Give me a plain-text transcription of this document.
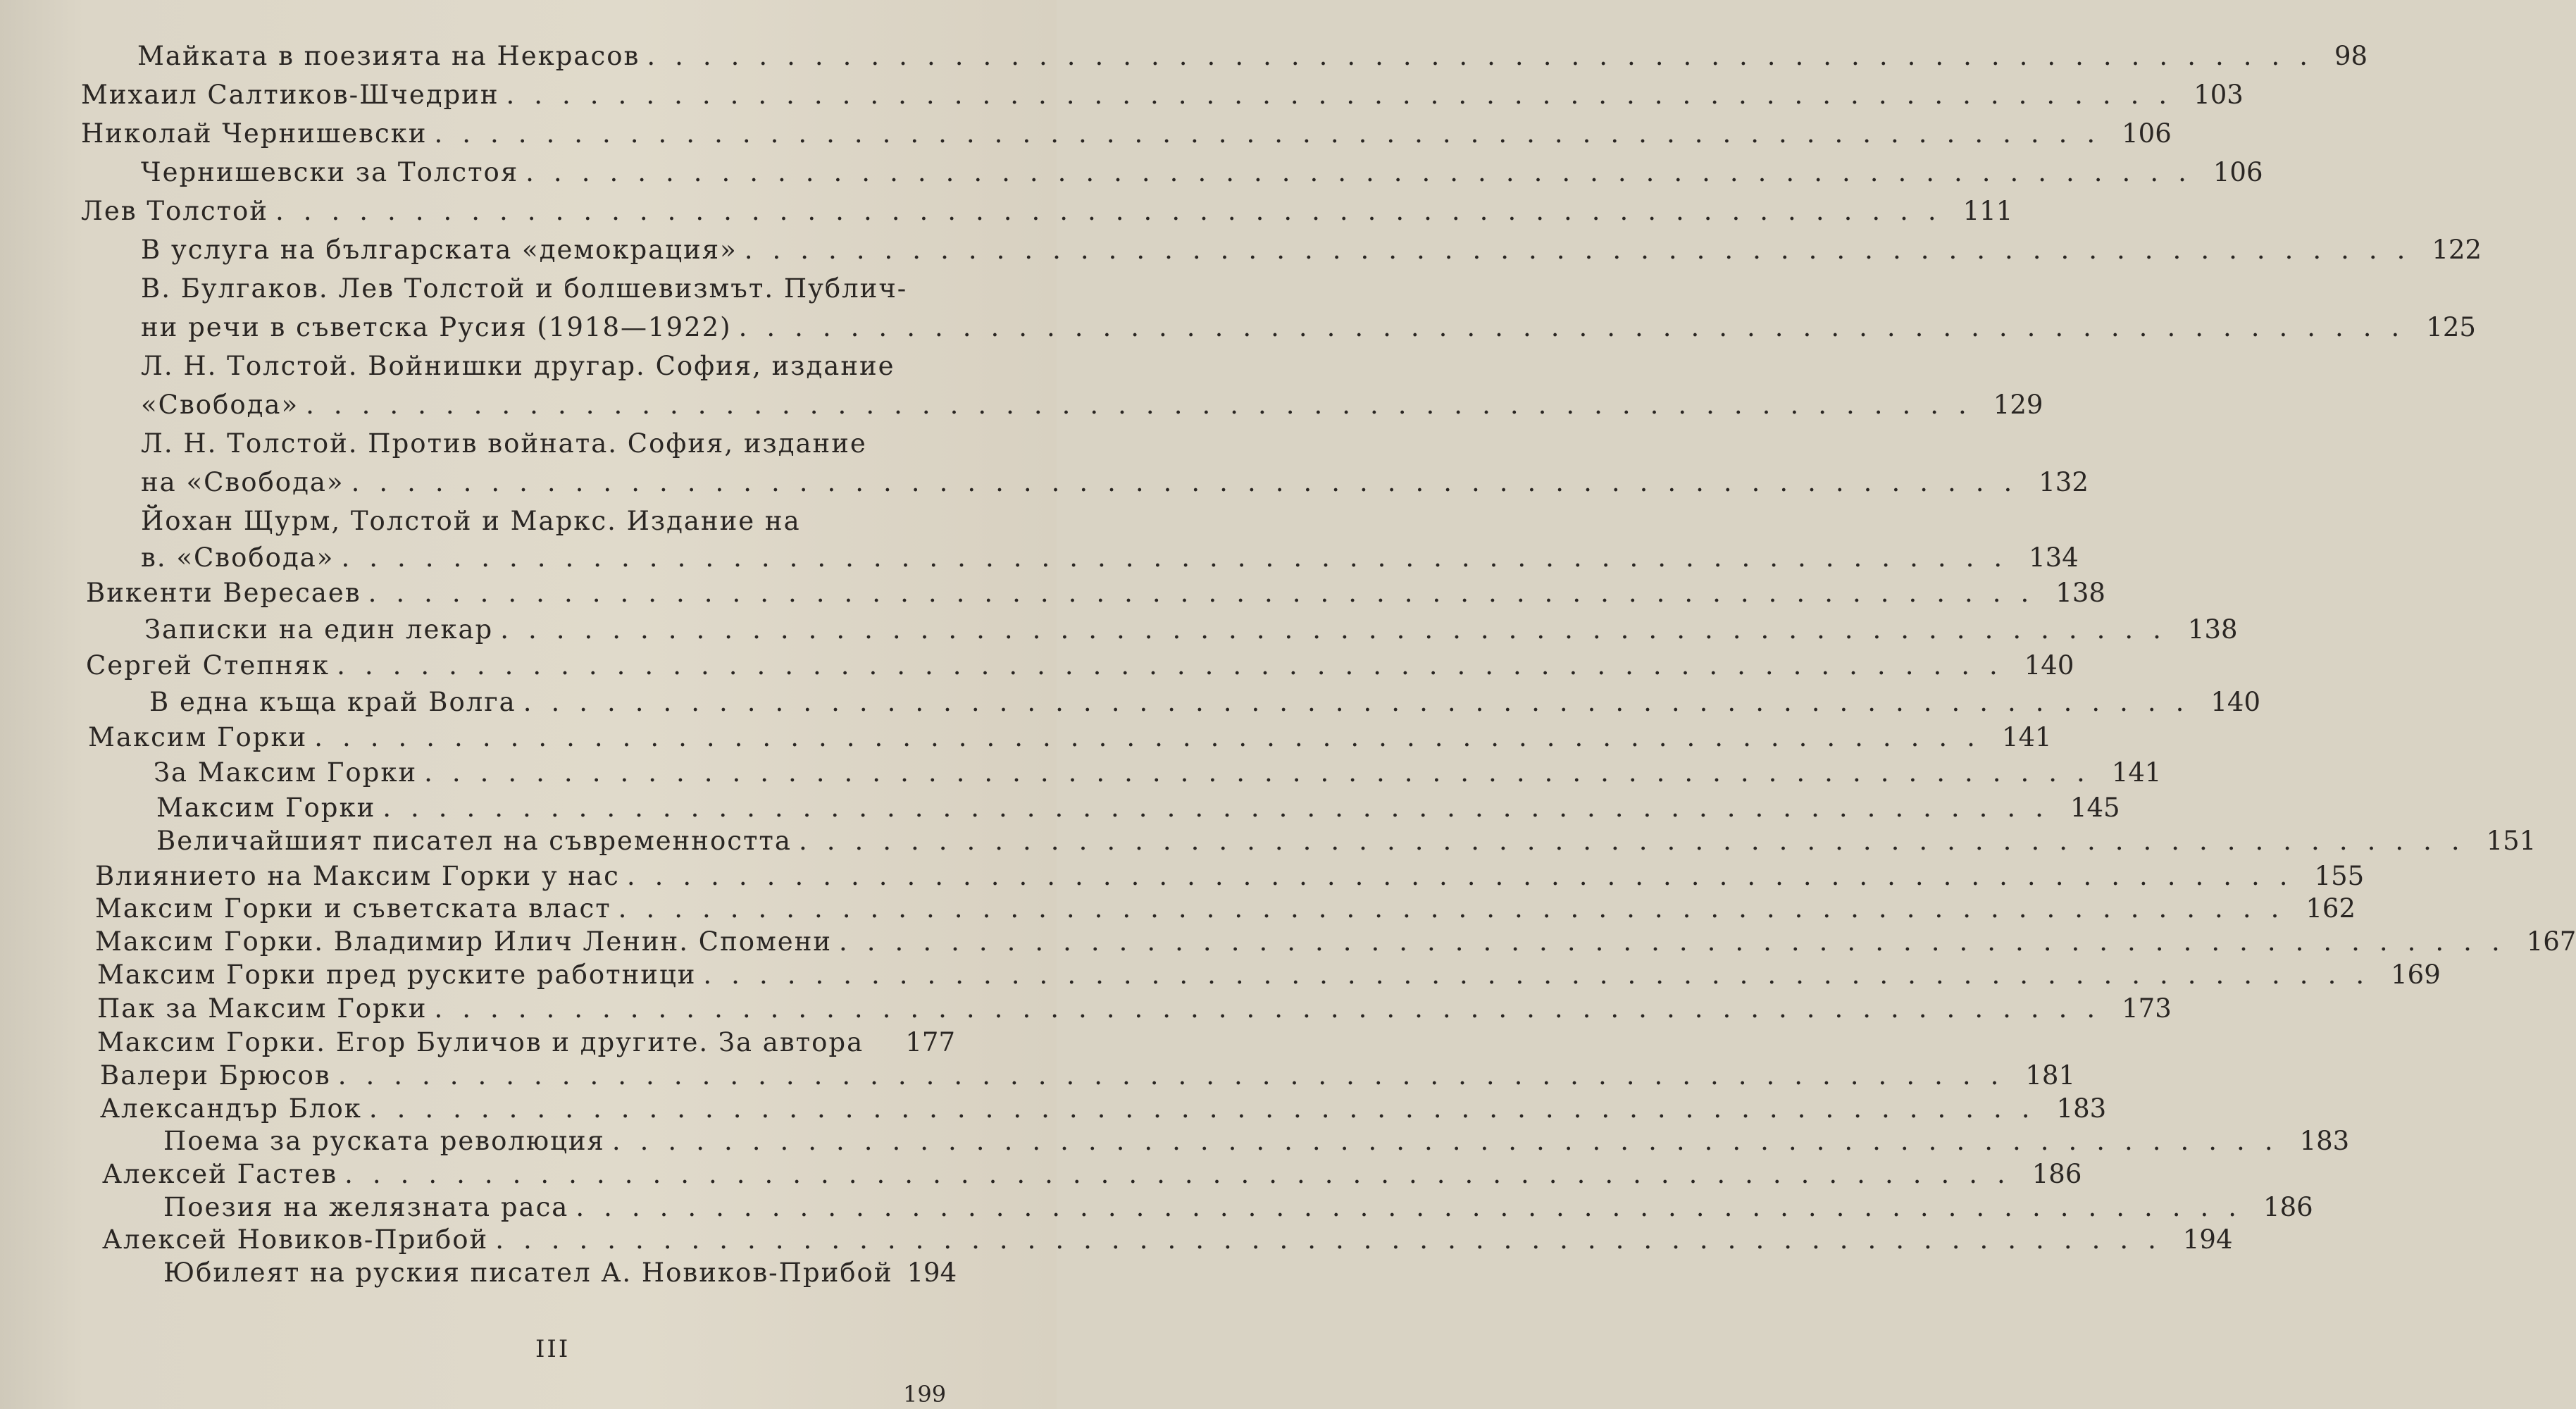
Майката в поезията на Некрасов ............................................................ 98
Михаил Салтиков-Шчедрин ............................................................ 103
Николай Чернишевски ............................................................ 106
Чернишевски за Толстоя ............................................................ 106
Лев Толстой ............................................................ 111
В услуга на българската «демокрация» ............................................................ 122
В. Булгаков. Лев Толстой и болшевизмът. Публич-
ни речи в съветска Русия (1918—1922) ............................................................ 125
Л. Н. Толстой. Войнишки другар. София, издание
«Свобода» ............................................................ 129
Л. Н. Толстой. Против войната. София, издание
на «Свобода» ............................................................ 132
Йохан Щурм, Толстой и Маркс. Издание на
в. «Свобода» ............................................................ 134
Викенти Вересаев ............................................................ 138
Записки на един лекар ............................................................ 138
Сергей Степняк ............................................................ 140
В една къща край Волга ............................................................ 140
Максим Горки ............................................................ 141
За Максим Горки ............................................................ 141
Максим Горки ............................................................ 145
Величайшият писател на съвременността ............................................................ 151
Влиянието на Максим Горки у нас ............................................................ 155
Максим Горки и съветската власт ............................................................ 162
Максим Горки. Владимир Илич Ленин. Спомени ............................................................ 167
Максим Горки пред руските работници ............................................................ 169
Пак за Максим Горки ............................................................ 173
Максим Горки. Егор Буличов и другите. За автора 177
Валери Брюсов ............................................................ 181
Александър Блок ............................................................ 183
Поема за руската революция ............................................................ 183
Алексей Гастев ............................................................ 186
Поезия на желязната раса ............................................................ 186
Алексей Новиков-Прибой ............................................................ 194
Юбилеят на руския писател А. Новиков-Прибой 194
III
199
